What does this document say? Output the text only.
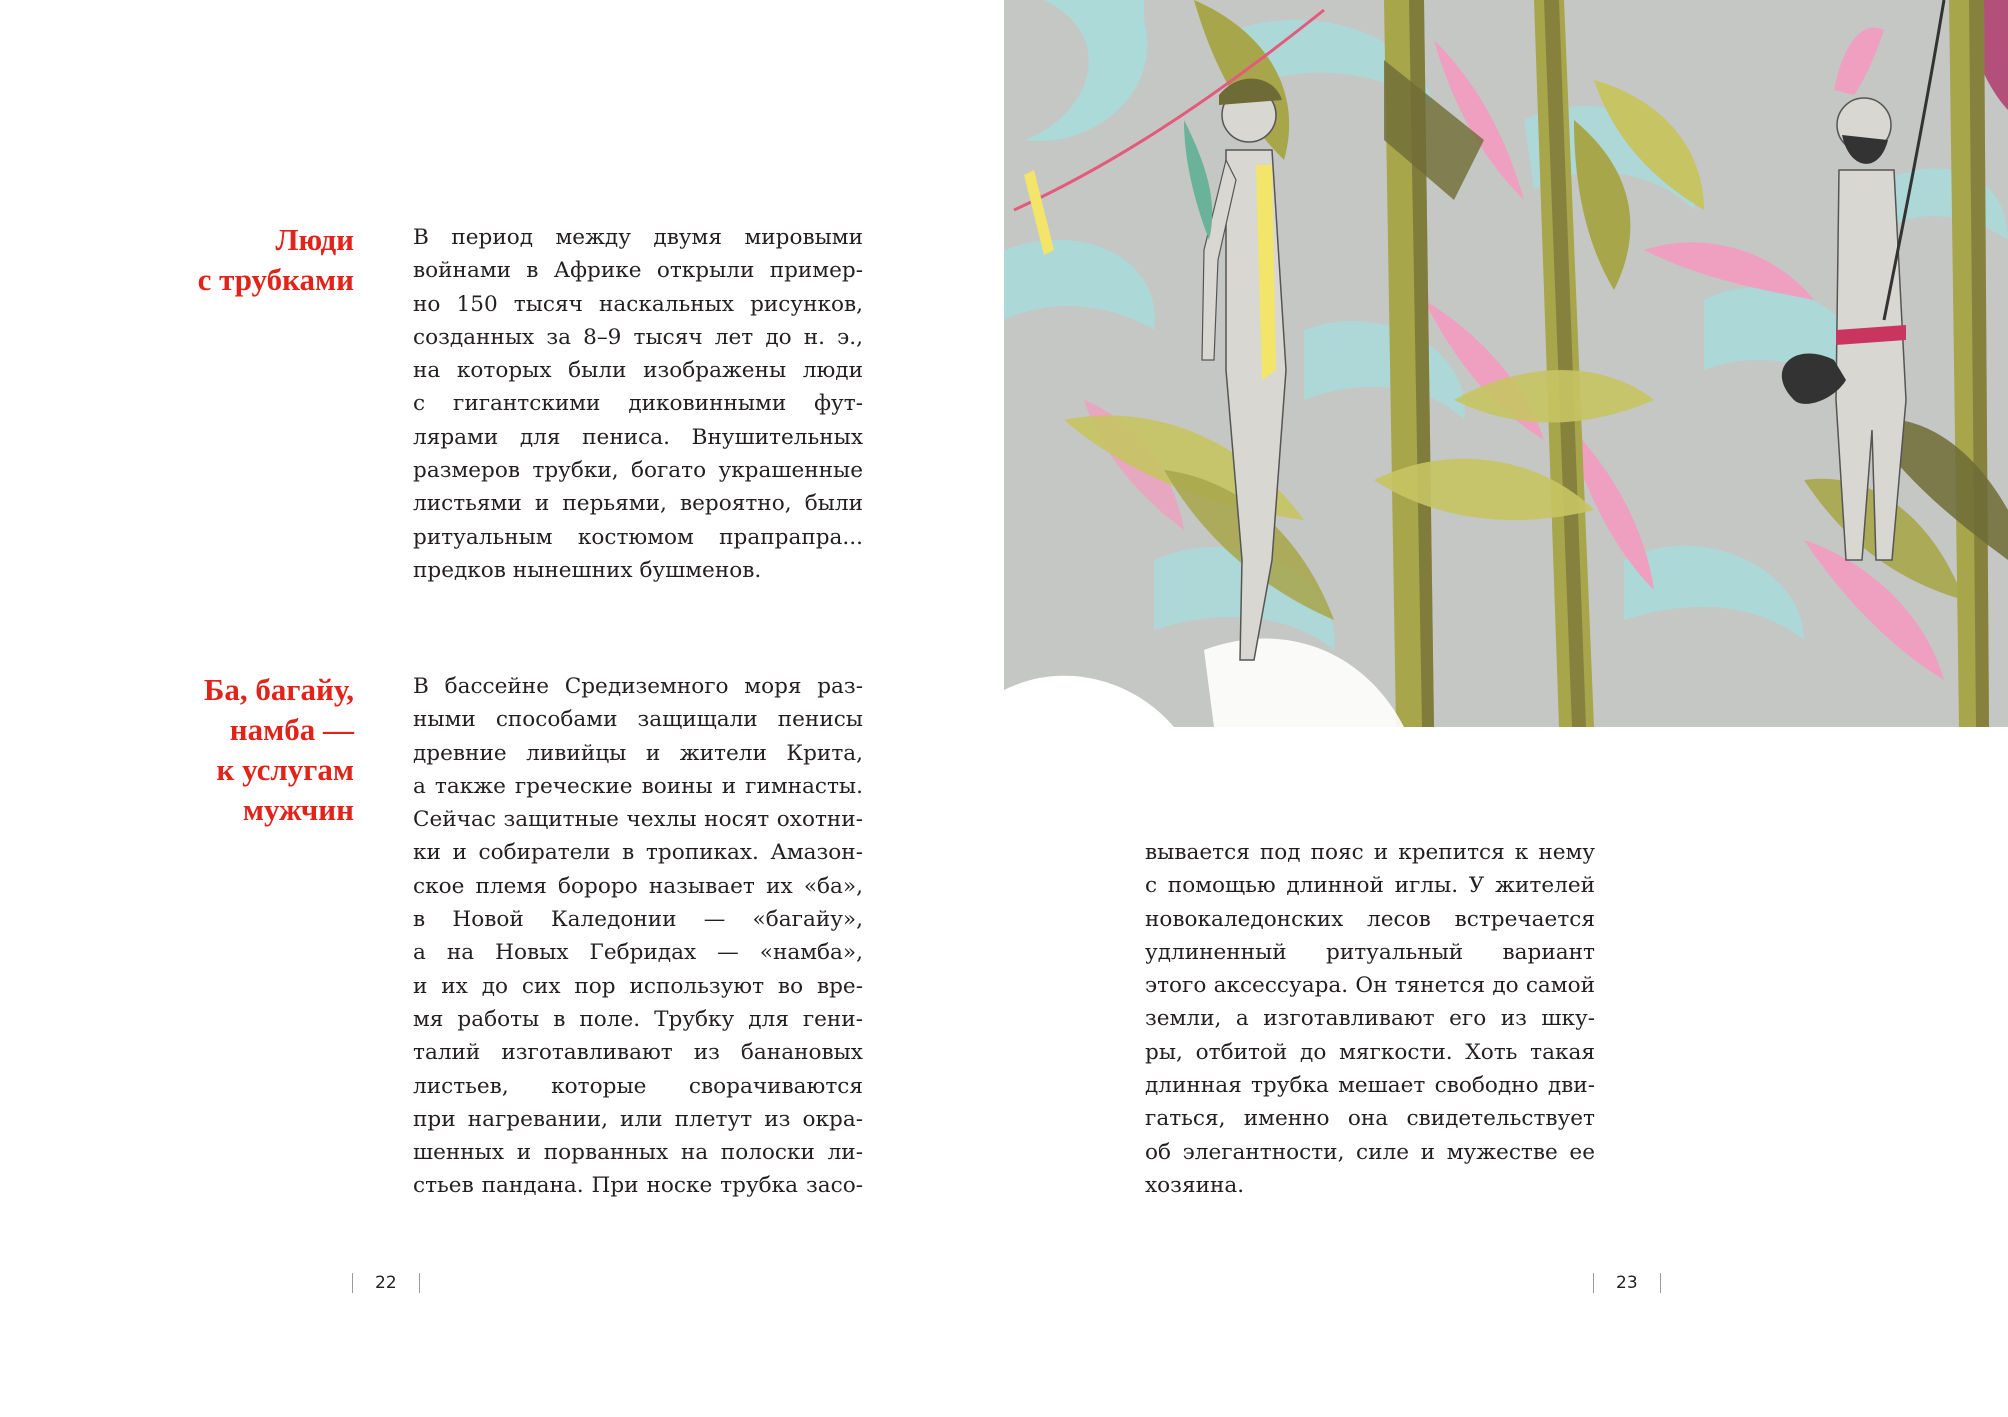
Люди
с трубками
В период между двумя мировыми
войнами в Африке открыли пример-
но 150 тысяч наскальных рисунков,
созданных за 8–9 тысяч лет до н. э.,
на которых были изображены люди
с гигантскими диковинными фут-
лярами для пениса. Внушительных
размеров трубки, богато украшенные
листьями и перьями, вероятно, были
ритуальным костюмом прапрапра...
предков нынешних бушменов.
Ба, багайу,
намба —
к услугам
мужчин
В бассейне Средиземного моря раз-
ными способами защищали пенисы
древние ливийцы и жители Крита,
а также греческие воины и гимнасты.
Сейчас защитные чехлы носят охотни-
ки и собиратели в тропиках. Амазон-
ское племя бороро называет их «ба»,
в Новой Каледонии — «багайу»,
а на Новых Гебридах — «намба»,
и их до сих пор используют во вре-
мя работы в поле. Трубку для гени-
талий изготавливают из банановых
листьев, которые сворачиваются
при нагревании, или плетут из окра-
шенных и порванных на полоски ли-
стьев пандана. При носке трубка засо-
22
вывается под пояс и крепится к нему
с помощью длинной иглы. У жителей
новокаледонских лесов встречается
удлиненный ритуальный вариант
этого аксессуара. Он тянется до самой
земли, а изготавливают его из шку-
ры, отбитой до мягкости. Хоть такая
длинная трубка мешает свободно дви-
гаться, именно она свидетельствует
об элегантности, силе и мужестве ее
хозяина.
23
